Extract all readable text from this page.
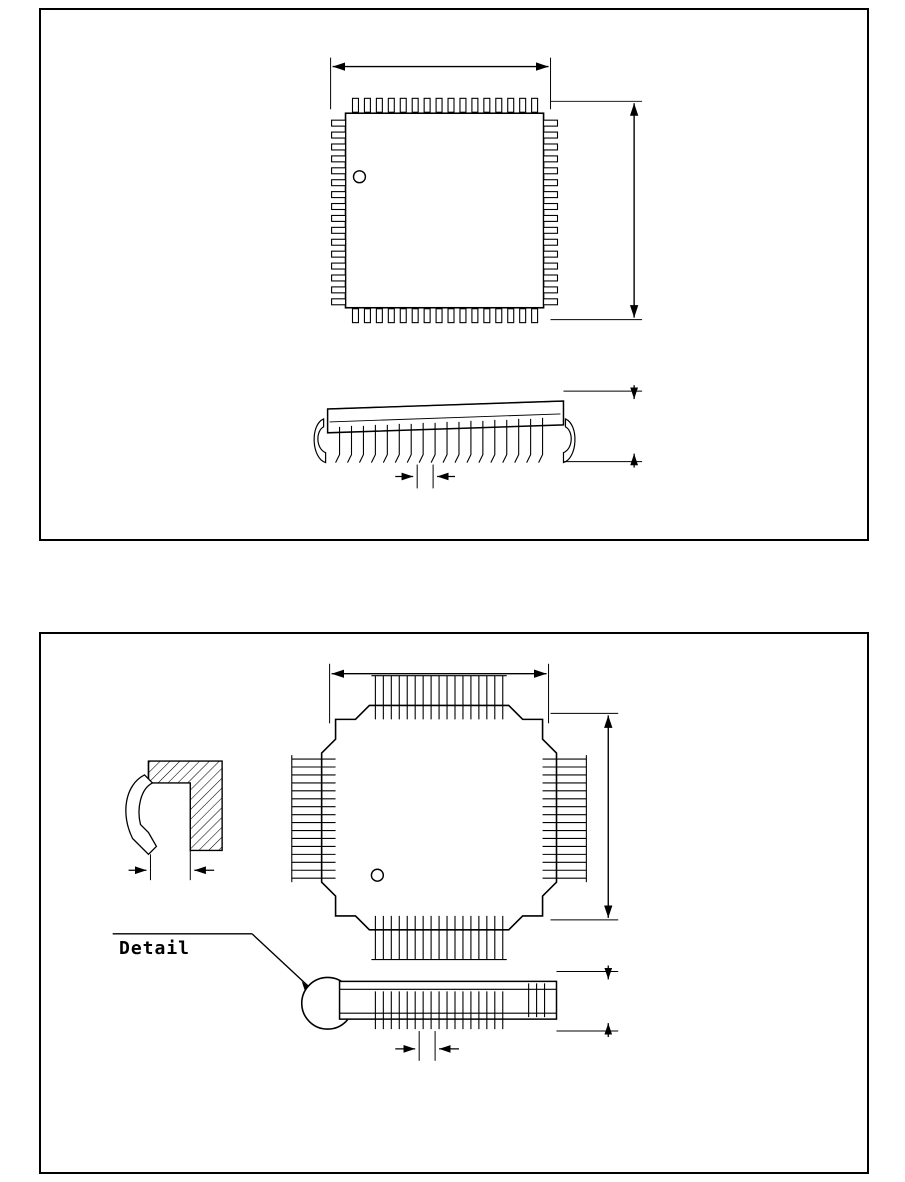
Detail
